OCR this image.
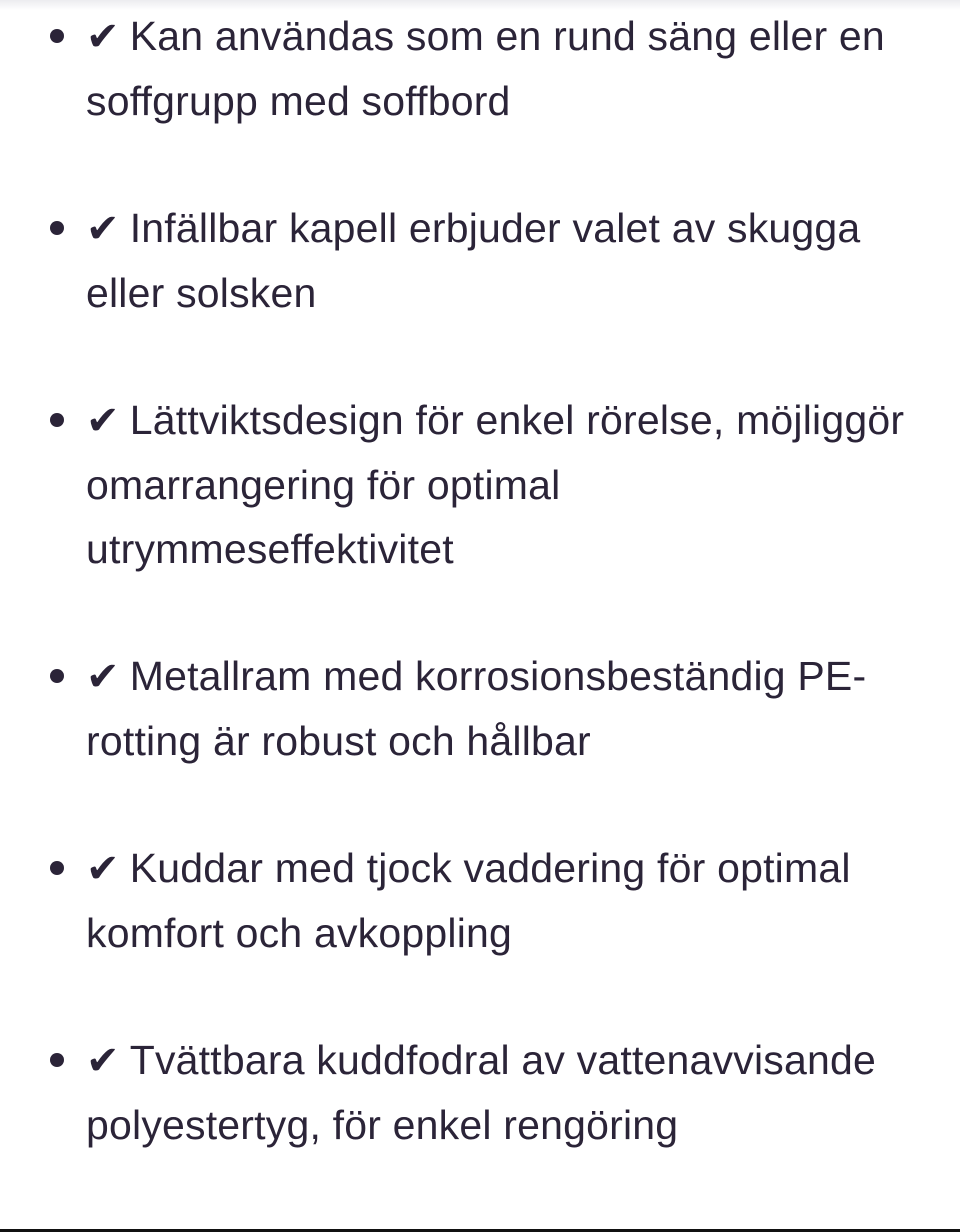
✔ Kan användas som en rund säng eller en soffgrupp med soffbord
✔ Infällbar kapell erbjuder valet av skugga eller solsken
✔ Lättviktsdesign för enkel rörelse, möjliggör omarrangering för optimal utrymmeseffektivitet
✔ Metallram med korrosionsbeständig PE-rotting är robust och hållbar
✔ Kuddar med tjock vaddering för optimal komfort och avkoppling
✔ Tvättbara kuddfodral av vattenavvisande polyestertyg, för enkel rengöring
